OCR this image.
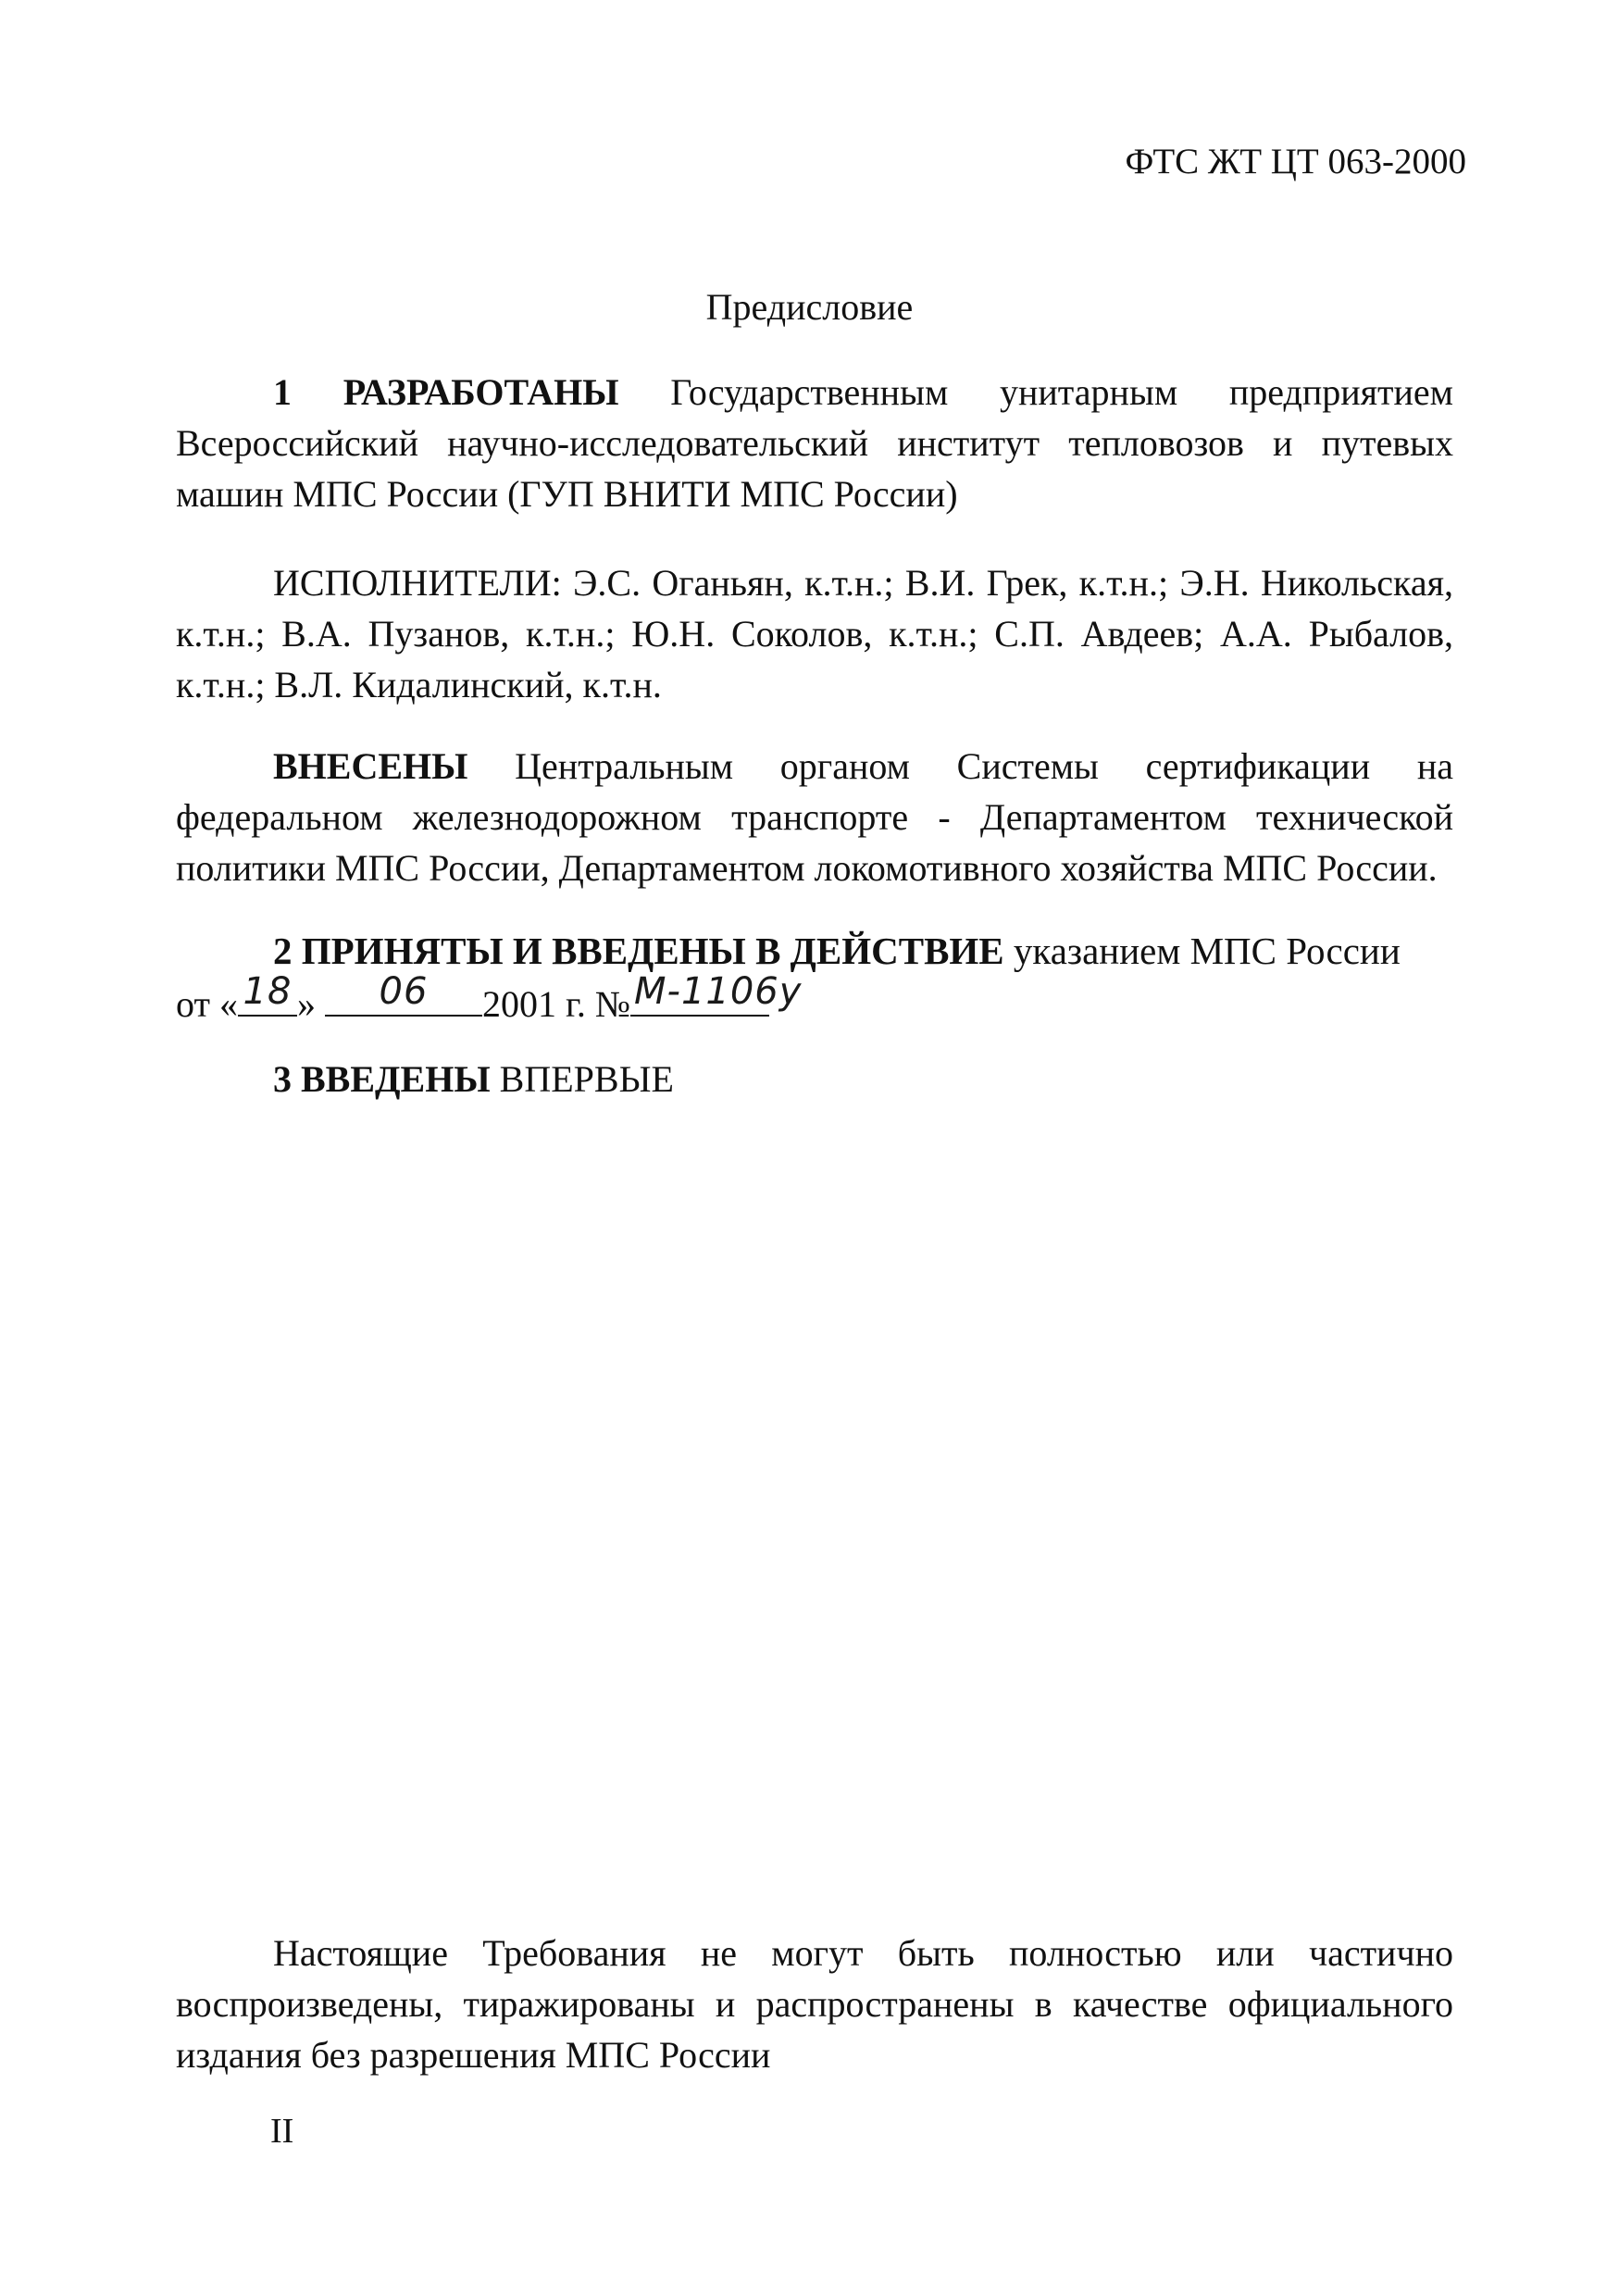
ФТС ЖТ ЦТ 063-2000
Предисловие
1 РАЗРАБОТАНЫ Государственным унитарным предприятием Всероссийский научно-исследовательский институт тепловозов и путевых машин МПС России (ГУП ВНИТИ МПС России)
ИСПОЛНИТЕЛИ: Э.С. Оганьян, к.т.н.; В.И. Грек, к.т.н.; Э.Н. Никольская, к.т.н.; В.А. Пузанов, к.т.н.; Ю.Н. Соколов, к.т.н.; С.П. Авдеев; А.А. Рыбалов, к.т.н.; В.Л. Кидалинский, к.т.н.
ВНЕСЕНЫ Центральным органом Системы сертификации на федеральном железнодорожном транспорте - Департаментом технической политики МПС России, Департаментом локомотивного хозяйства МПС России.
2 ПРИНЯТЫ И ВВЕДЕНЫ В ДЕЙСТВИЕ указанием МПС России
от « 18 »	06	2001 г. № М-1106у
3 ВВЕДЕНЫ ВПЕРВЫЕ
Настоящие Требования не могут быть полностью или частично воспроизведены, тиражированы и распространены в качестве официального издания без разрешения МПС России
II
